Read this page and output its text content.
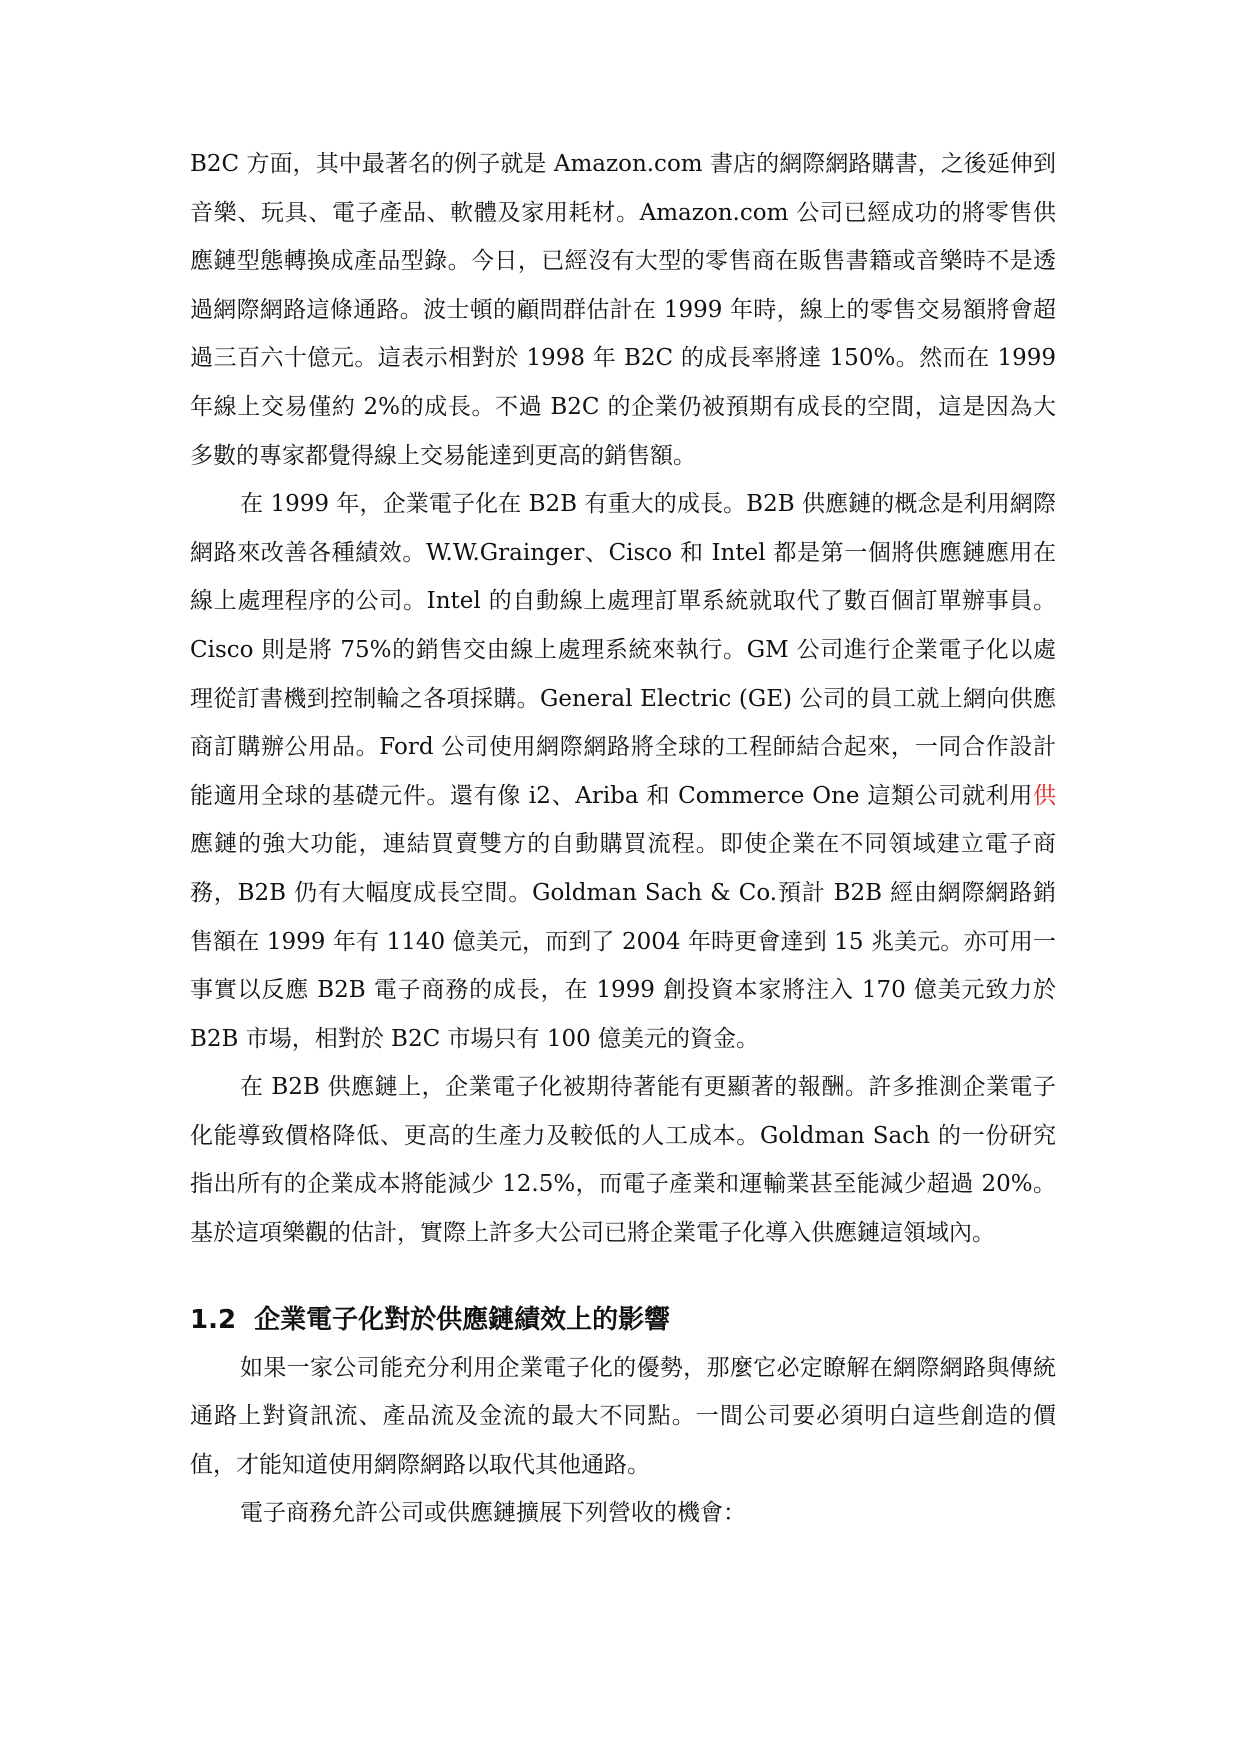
B2C 方面，其中最著名的例子就是 Amazon.com 書店的網際網路購書，之後延伸到音樂、玩具、電子產品、軟體及家用耗材。Amazon.com 公司已經成功的將零售供應鏈型態轉換成產品型錄。今日，已經沒有大型的零售商在販售書籍或音樂時不是透過網際網路這條通路。波士頓的顧問群估計在 1999 年時，線上的零售交易額將會超過三百六十億元。這表示相對於 1998 年 B2C 的成長率將達 150%。然而在 1999 年線上交易僅約 2%的成長。不過 B2C 的企業仍被預期有成長的空間，這是因為大多數的專家都覺得線上交易能達到更高的銷售額。

在 1999 年，企業電子化在 B2B 有重大的成長。B2B 供應鏈的概念是利用網際網路來改善各種績效。W.W.Grainger、Cisco 和 Intel 都是第一個將供應鏈應用在線上處理程序的公司。Intel 的自動線上處理訂單系統就取代了數百個訂單辦事員。Cisco 則是將 75%的銷售交由線上處理系統來執行。GM 公司進行企業電子化以處理從訂書機到控制輪之各項採購。General Electric (GE) 公司的員工就上網向供應商訂購辦公用品。Ford 公司使用網際網路將全球的工程師結合起來，一同合作設計能適用全球的基礎元件。還有像 i2、Ariba 和 Commerce One 這類公司就利用供應鏈的強大功能，連結買賣雙方的自動購買流程。即使企業在不同領域建立電子商務，B2B 仍有大幅度成長空間。Goldman Sach & Co.預計 B2B 經由網際網路銷售額在 1999 年有 1140 億美元，而到了 2004 年時更會達到 15 兆美元。亦可用一事實以反應 B2B 電子商務的成長，在 1999 創投資本家將注入 170 億美元致力於 B2B 市場，相對於 B2C 市場只有 100 億美元的資金。

在 B2B 供應鏈上，企業電子化被期待著能有更顯著的報酬。許多推測企業電子化能導致價格降低、更高的生產力及較低的人工成本。Goldman Sach 的一份研究指出所有的企業成本將能減少 12.5%，而電子產業和運輸業甚至能減少超過 20%。基於這項樂觀的估計，實際上許多大公司已將企業電子化導入供應鏈這領域內。

1.2 企業電子化對於供應鏈績效上的影響

如果一家公司能充分利用企業電子化的優勢，那麼它必定瞭解在網際網路與傳統通路上對資訊流、產品流及金流的最大不同點。一間公司要必須明白這些創造的價值，才能知道使用網際網路以取代其他通路。

電子商務允許公司或供應鏈擴展下列營收的機會：
